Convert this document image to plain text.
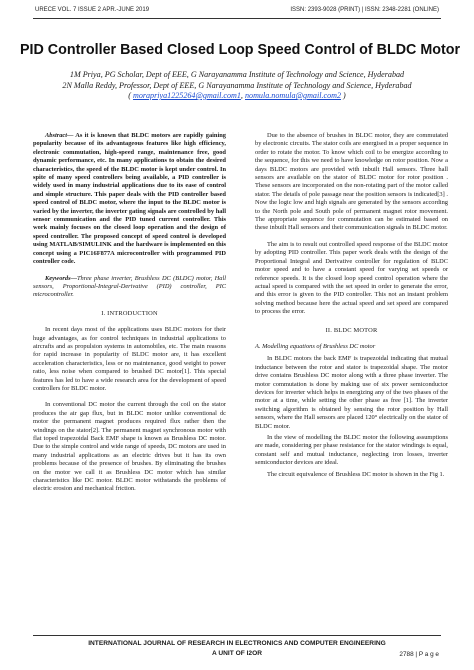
URECE VOL. 7 ISSUE 2 APR.-JUNE 2019	ISSN: 2393-9028 (PRINT) | ISSN: 2348-2281 (ONLINE)
PID Controller Based Closed Loop Speed Control of BLDC Motor
1M Priya, PG Scholar, Dept of EEE, G Narayanamma Institute of Technology and Science, Hyderabad
2N Malla Reddy, Professor, Dept of EEE, G Narayanamma Institute of Technology and Science, Hyderabad
( morapriya1225264@gmail.com1, nomula.nomula@gmail.com2 )

Abstract— As it is known that BLDC motors are rapidly gaining popularity because of its advantageous features like high efficiency, electronic commutation, high-speed range, maintenance free, good dynamic performance, etc. In many applications to obtain the desired characteristics, the speed of the BLDC motor is kept under control. In spite of many speed controllers being available, a PID controller is widely used in many industrial applications due to its ease of control and simple structure. This paper deals with the PID controller based speed control of BLDC motor, where the input to the BLDC motor is varied by the inverter, the inverter gating signals are controlled by hall sensor communication and the PID tuned current controller. This work mainly focuses on the closed loop operation and the design of speed controller. The proposed concept of speed control is developed using MATLAB/SIMULINK and the hardware is implemented on this concept using a PIC16F877A microcontroller with programmed PID controller code.

Keywords—Three phase inverter, Brushless DC (BLDC) motor, Hall sensors, Proportional-Integral-Derivative (PID) controller, PIC microcontroller.

I. INTRODUCTION

In recent days most of the applications uses BLDC motors for their huge advantages, as for control techniques in industrial applications to aircrafts and as propulsion systems in automobiles, etc. The main reasons for rapid increase in popularity of BLDC motor are, it has excellent acceleration characteristics, less or no maintenance, good weight to power ratio, less noise when compared to brushed DC motor[1]. This special features has led to have a wide research area for the development of speed controllers for BLDC motor.

In conventional DC motor the current through the coil on the stator produces the air gap flux, but in BLDC motor unlike conventional dc motor the permanent magnet produces required flux rather then the windings on the stator[2]. The permanent magnet synchronous motor with flat toped trapezoidal Back EMF shape is known as Brushless DC motor. Due to the simple control and wide range of speeds, DC motors are used in many industrial applications as an electric drives but it has its own problems because of the presence of brushes. By eliminating the brushes on the motor we call it as Brushless DC motor which has similar characteristics like DC motor. BLDC motor withstands the problems of electric erosion and mechanical friction.

Due to the absence of brushes in BLDC motor, they are commutated by electronic circuits. The stator coils are energised in a proper sequence in order to rotate the motor. To know which coil to be energize according to the sequence, for this we need to have knowledge on rotor position. Now a days BLDC motors are provided with inbuilt Hall sensors. Three hall sensors are available on the stator of BLDC motor for rotor position . These sensors are incorporated on the non-rotating part of the motor called stator. The details of pole passage near the position sensors is indicated[3] . Now the logic low and high signals are generated by the sensors according to the North pole and South pole of permanent magnet rotor movement. The appropriate sequence for commutation can be estimated based on these inbuilt Hall sensors and their communication signals in BLDC motor.

The aim is to result out controlled speed response of the BLDC motor by adopting PID controller. This paper work deals with the design of the Proportional Integral and Derivative controller for regulation of BLDC motor speed and to have a constant speed for varying set speeds or reference speeds. It is the closed loop speed control operation where the actual speed is compared with the set speed in order to generate the error, and this error is given to the PID controller. This not an instant problem solving method because here the actual speed and set speed are compared to process the error.

II. BLDC MOTOR
A. Modelling equations of Brushless DC motor

In BLDC motors the back EMF is trapezoidal indicating that mutual inductance between the rotor and stator is trapezoidal shape. The motor drive contains Brushless DC motor along with a three phase inverter. The motor commutation is done by making use of six power semiconductor devices for inverter which helps in energizing any of the two phases of the motor at a time, while setting the other phase as free [1]. The inverter switching algorithm is obtained by sensing the rotor position by Hall sensors, where the Hall sensors are placed 120° electrically on the stator of BLDC motor.

In the view of modelling the BLDC motor the following assumptions are made, considering per phase resistance for the stator windings is equal, constant self and mutual inductance, neglecting iron losses, inverter semiconductor devices are ideal.

The circuit equivalence of Brushless DC motor is shown in the Fig 1.

INTERNATIONAL JOURNAL OF RESEARCH IN ELECTRONICS AND COMPUTER ENGINEERING
A UNIT OF I2OR	2788 | P a g e
